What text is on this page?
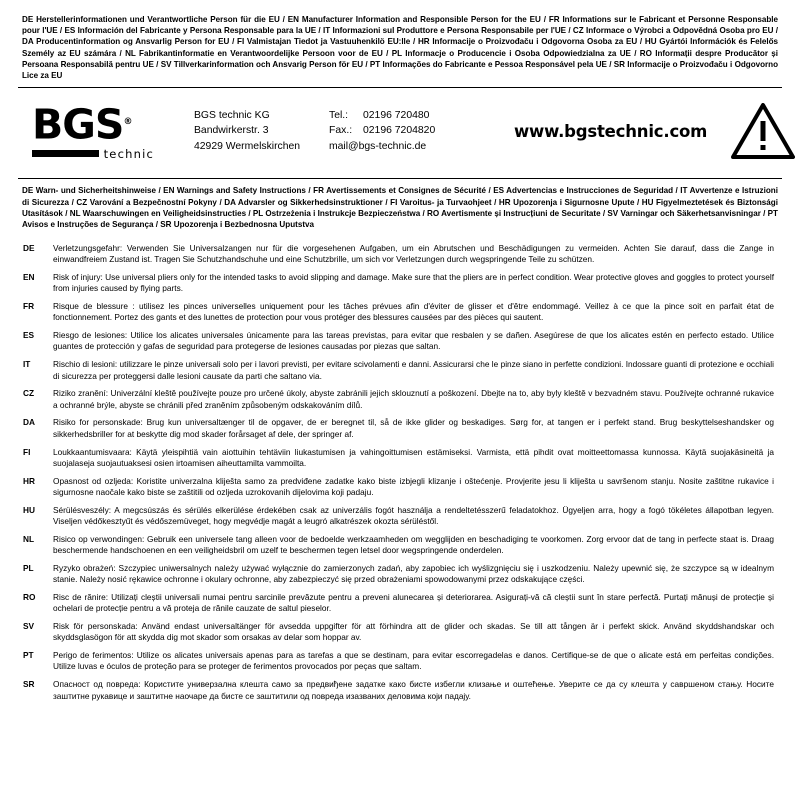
DE Herstellerinformationen und Verantwortliche Person für die EU / EN Manufacturer Information and Responsible Person for the EU / FR Informations sur le Fabricant et Personne Responsable pour l'UE / ES Información del Fabricante y Persona Responsable para la UE / IT Informazioni sul Produttore e Persona Responsabile per l'UE / CZ Informace o Výrobci a Odpovědná Osoba pro EU / DA Producentinformation og Ansvarlig Person for EU / FI Valmistajan Tiedot ja Vastuuhenkilö EU:lle / HR Informacije o Proizvođaču i Odgovorna Osoba za EU / HU Gyártói Információk és Felelős Személy az EU számára / NL Fabrikantinformatie en Verantwoordelijke Persoon voor de EU / PL Informacje o Producencie i Osoba Odpowiedzialna za UE / RO Informații despre Producător și Persoana Responsabilă pentru UE / SV Tillverkarinformation och Ansvarig Person för EU / PT Informações do Fabricante e Pessoa Responsável pela UE / SR Informacije o Proizvođaču i Odgovorno Lice za EU
BGS®
technic
BGS technic KG
Bandwirkerstr. 3
42929 Wermelskirchen
Tel.:	02196 720480
Fax.:	02196 7204820
mail@bgs-technic.de
www.bgstechnic.com
DE Warn- und Sicherheitshinweise / EN Warnings and Safety Instructions / FR Avertissements et Consignes de Sécurité / ES Advertencias e Instrucciones de Seguridad / IT Avvertenze e Istruzioni di Sicurezza / CZ Varování a Bezpečnostní Pokyny / DA Advarsler og Sikkerhedsinstruktioner / FI Varoitus- ja Turvaohjeet / HR Upozorenja i Sigurnosne Upute / HU Figyelmeztetések és Biztonsági Utasítások / NL Waarschuwingen en Veiligheidsinstructies / PL Ostrzeżenia i Instrukcje Bezpieczeństwa / RO Avertismente și Instrucțiuni de Securitate / SV Varningar och Säkerhetsanvisningar / PT Avisos e Instruções de Segurança / SR Upozorenja i Bezbednosna Uputstva
DE	Verletzungsgefahr: Verwenden Sie Universalzangen nur für die vorgesehenen Aufgaben, um ein Abrutschen und Beschädigungen zu vermeiden. Achten Sie darauf, dass die Zange in einwandfreiem Zustand ist. Tragen Sie Schutzhandschuhe und eine Schutzbrille, um sich vor Verletzungen durch wegspringende Teile zu schützen.
EN	Risk of injury: Use universal pliers only for the intended tasks to avoid slipping and damage. Make sure that the pliers are in perfect condition. Wear protective gloves and goggles to protect yourself from injuries caused by flying parts.
FR	Risque de blessure : utilisez les pinces universelles uniquement pour les tâches prévues afin d'éviter de glisser et d'être endommagé. Veillez à ce que la pince soit en parfait état de fonctionnement. Portez des gants et des lunettes de protection pour vous protéger des blessures causées par des pièces qui sautent.
ES	Riesgo de lesiones: Utilice los alicates universales únicamente para las tareas previstas, para evitar que resbalen y se dañen. Asegúrese de que los alicates estén en perfecto estado. Utilice guantes de protección y gafas de seguridad para protegerse de lesiones causadas por piezas que saltan.
IT	Rischio di lesioni: utilizzare le pinze universali solo per i lavori previsti, per evitare scivolamenti e danni. Assicurarsi che le pinze siano in perfette condizioni. Indossare guanti di protezione e occhiali di sicurezza per proteggersi dalle lesioni causate da parti che saltano via.
CZ	Riziko zranění: Univerzální kleště používejte pouze pro určené úkoly, abyste zabránili jejich sklouznutí a poškození. Dbejte na to, aby byly kleště v bezvadném stavu. Používejte ochranné rukavice a ochranné brýle, abyste se chránili před zraněním způsobeným odskakováním dílů.
DA	Risiko for personskade: Brug kun universaltænger til de opgaver, de er beregnet til, så de ikke glider og beskadiges. Sørg for, at tangen er i perfekt stand. Brug beskyttelseshandsker og sikkerhedsbriller for at beskytte dig mod skader forårsaget af dele, der springer af.
FI	Loukkaantumisvaara: Käytä yleispihtiä vain aiottuihin tehtäviin liukastumisen ja vahingoittumisen estämiseksi. Varmista, että pihdit ovat moitteettomassa kunnossa. Käytä suojakäsineitä ja suojalaseja suojautuaksesi osien irtoamisen aiheuttamilta vammoilta.
HR	Opasnost od ozljeda: Koristite univerzalna kliješta samo za predviđene zadatke kako biste izbjegli klizanje i oštećenje. Provjerite jesu li kliješta u savršenom stanju. Nosite zaštitne rukavice i sigurnosne naočale kako biste se zaštitili od ozljeda uzrokovanih dijelovima koji padaju.
HU	Sérülésveszély: A megcsúszás és sérülés elkerülése érdekében csak az univerzális fogót használja a rendeltetésszerű feladatokhoz. Ügyeljen arra, hogy a fogó tökéletes állapotban legyen. Viseljen védőkesztyűt és védőszemüveget, hogy megvédje magát a leugró alkatrészek okozta sérüléstől.
NL	Risico op verwondingen: Gebruik een universele tang alleen voor de bedoelde werkzaamheden om wegglijden en beschadiging te voorkomen. Zorg ervoor dat de tang in perfecte staat is. Draag beschermende handschoenen en een veiligheidsbril om uzelf te beschermen tegen letsel door wegspringende onderdelen.
PL	Ryzyko obrażeń: Szczypiec uniwersalnych należy używać wyłącznie do zamierzonych zadań, aby zapobiec ich wyślizgnięciu się i uszkodzeniu. Należy upewnić się, że szczypce są w idealnym stanie. Należy nosić rękawice ochronne i okulary ochronne, aby zabezpieczyć się przed obrażeniami spowodowanymi przez odskakujące części.
RO	Risc de rănire: Utilizați cleștii universali numai pentru sarcinile prevăzute pentru a preveni alunecarea și deteriorarea. Asigurați-vă că cleștii sunt în stare perfectă. Purtați mănuși de protecție și ochelari de protecție pentru a vă proteja de rănile cauzate de saltul pieselor.
SV	Risk för personskada: Använd endast universaltänger för avsedda uppgifter för att förhindra att de glider och skadas. Se till att tången är i perfekt skick. Använd skyddshandskar och skyddsglasögon för att skydda dig mot skador som orsakas av delar som hoppar av.
PT	Perigo de ferimentos: Utilize os alicates universais apenas para as tarefas a que se destinam, para evitar escorregadelas e danos. Certifique-se de que o alicate está em perfeitas condições. Utilize luvas e óculos de proteção para se proteger de ferimentos provocados por peças que saltam.
SR	Опасност од повреда: Користите универзална клешта само за предвиђене задатке како бисте избегли клизање и оштећење. Уверите се да су клешта у савршеном стању. Носите заштитне рукавице и заштитне наочаре да бисте се заштитили од повреда изазваних деловима који падају.
